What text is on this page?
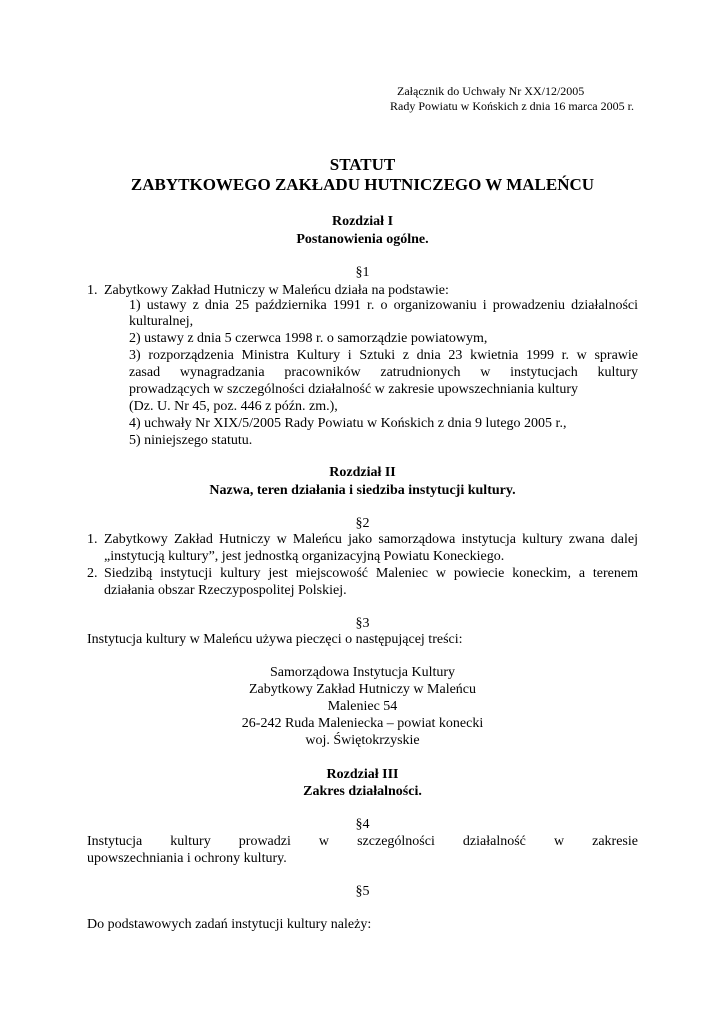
Załącznik do Uchwały Nr XX/12/2005
Rady Powiatu w Końskich z dnia 16 marca 2005 r.
STATUT
ZABYTKOWEGO ZAKŁADU HUTNICZEGO W MALEŃCU
Rozdział I
Postanowienia ogólne.
§1
1. Zabytkowy Zakład Hutniczy w Maleńcu działa na podstawie:
1) ustawy z dnia 25 października 1991 r. o organizowaniu i prowadzeniu działalności
kulturalnej,
2) ustawy z dnia 5 czerwca 1998 r. o samorządzie powiatowym,
3) rozporządzenia Ministra Kultury i Sztuki z dnia 23 kwietnia 1999 r. w sprawie
zasad wynagradzania pracowników zatrudnionych w instytucjach kultury
prowadzących w szczególności działalność w zakresie upowszechniania kultury
(Dz. U. Nr 45, poz. 446 z późn. zm.),
4) uchwały Nr XIX/5/2005 Rady Powiatu w Końskich z dnia 9 lutego 2005 r.,
5) niniejszego statutu.
Rozdział II
Nazwa, teren działania i siedziba instytucji kultury.
§2
1. Zabytkowy Zakład Hutniczy w Maleńcu jako samorządowa instytucja kultury zwana dalej
„instytucją kultury”, jest jednostką organizacyjną Powiatu Koneckiego.
2. Siedzibą instytucji kultury jest miejscowość Maleniec w powiecie koneckim, a terenem
działania obszar Rzeczypospolitej Polskiej.
§3
Instytucja kultury w Maleńcu używa pieczęci o następującej treści:
Samorządowa Instytucja Kultury
Zabytkowy Zakład Hutniczy w Maleńcu
Maleniec 54
26-242 Ruda Maleniecka – powiat konecki
woj. Świętokrzyskie
Rozdział III
Zakres działalności.
§4
Instytucja kultury prowadzi w szczególności działalność w zakresie
upowszechniania i ochrony kultury.
§5
Do podstawowych zadań instytucji kultury należy:
